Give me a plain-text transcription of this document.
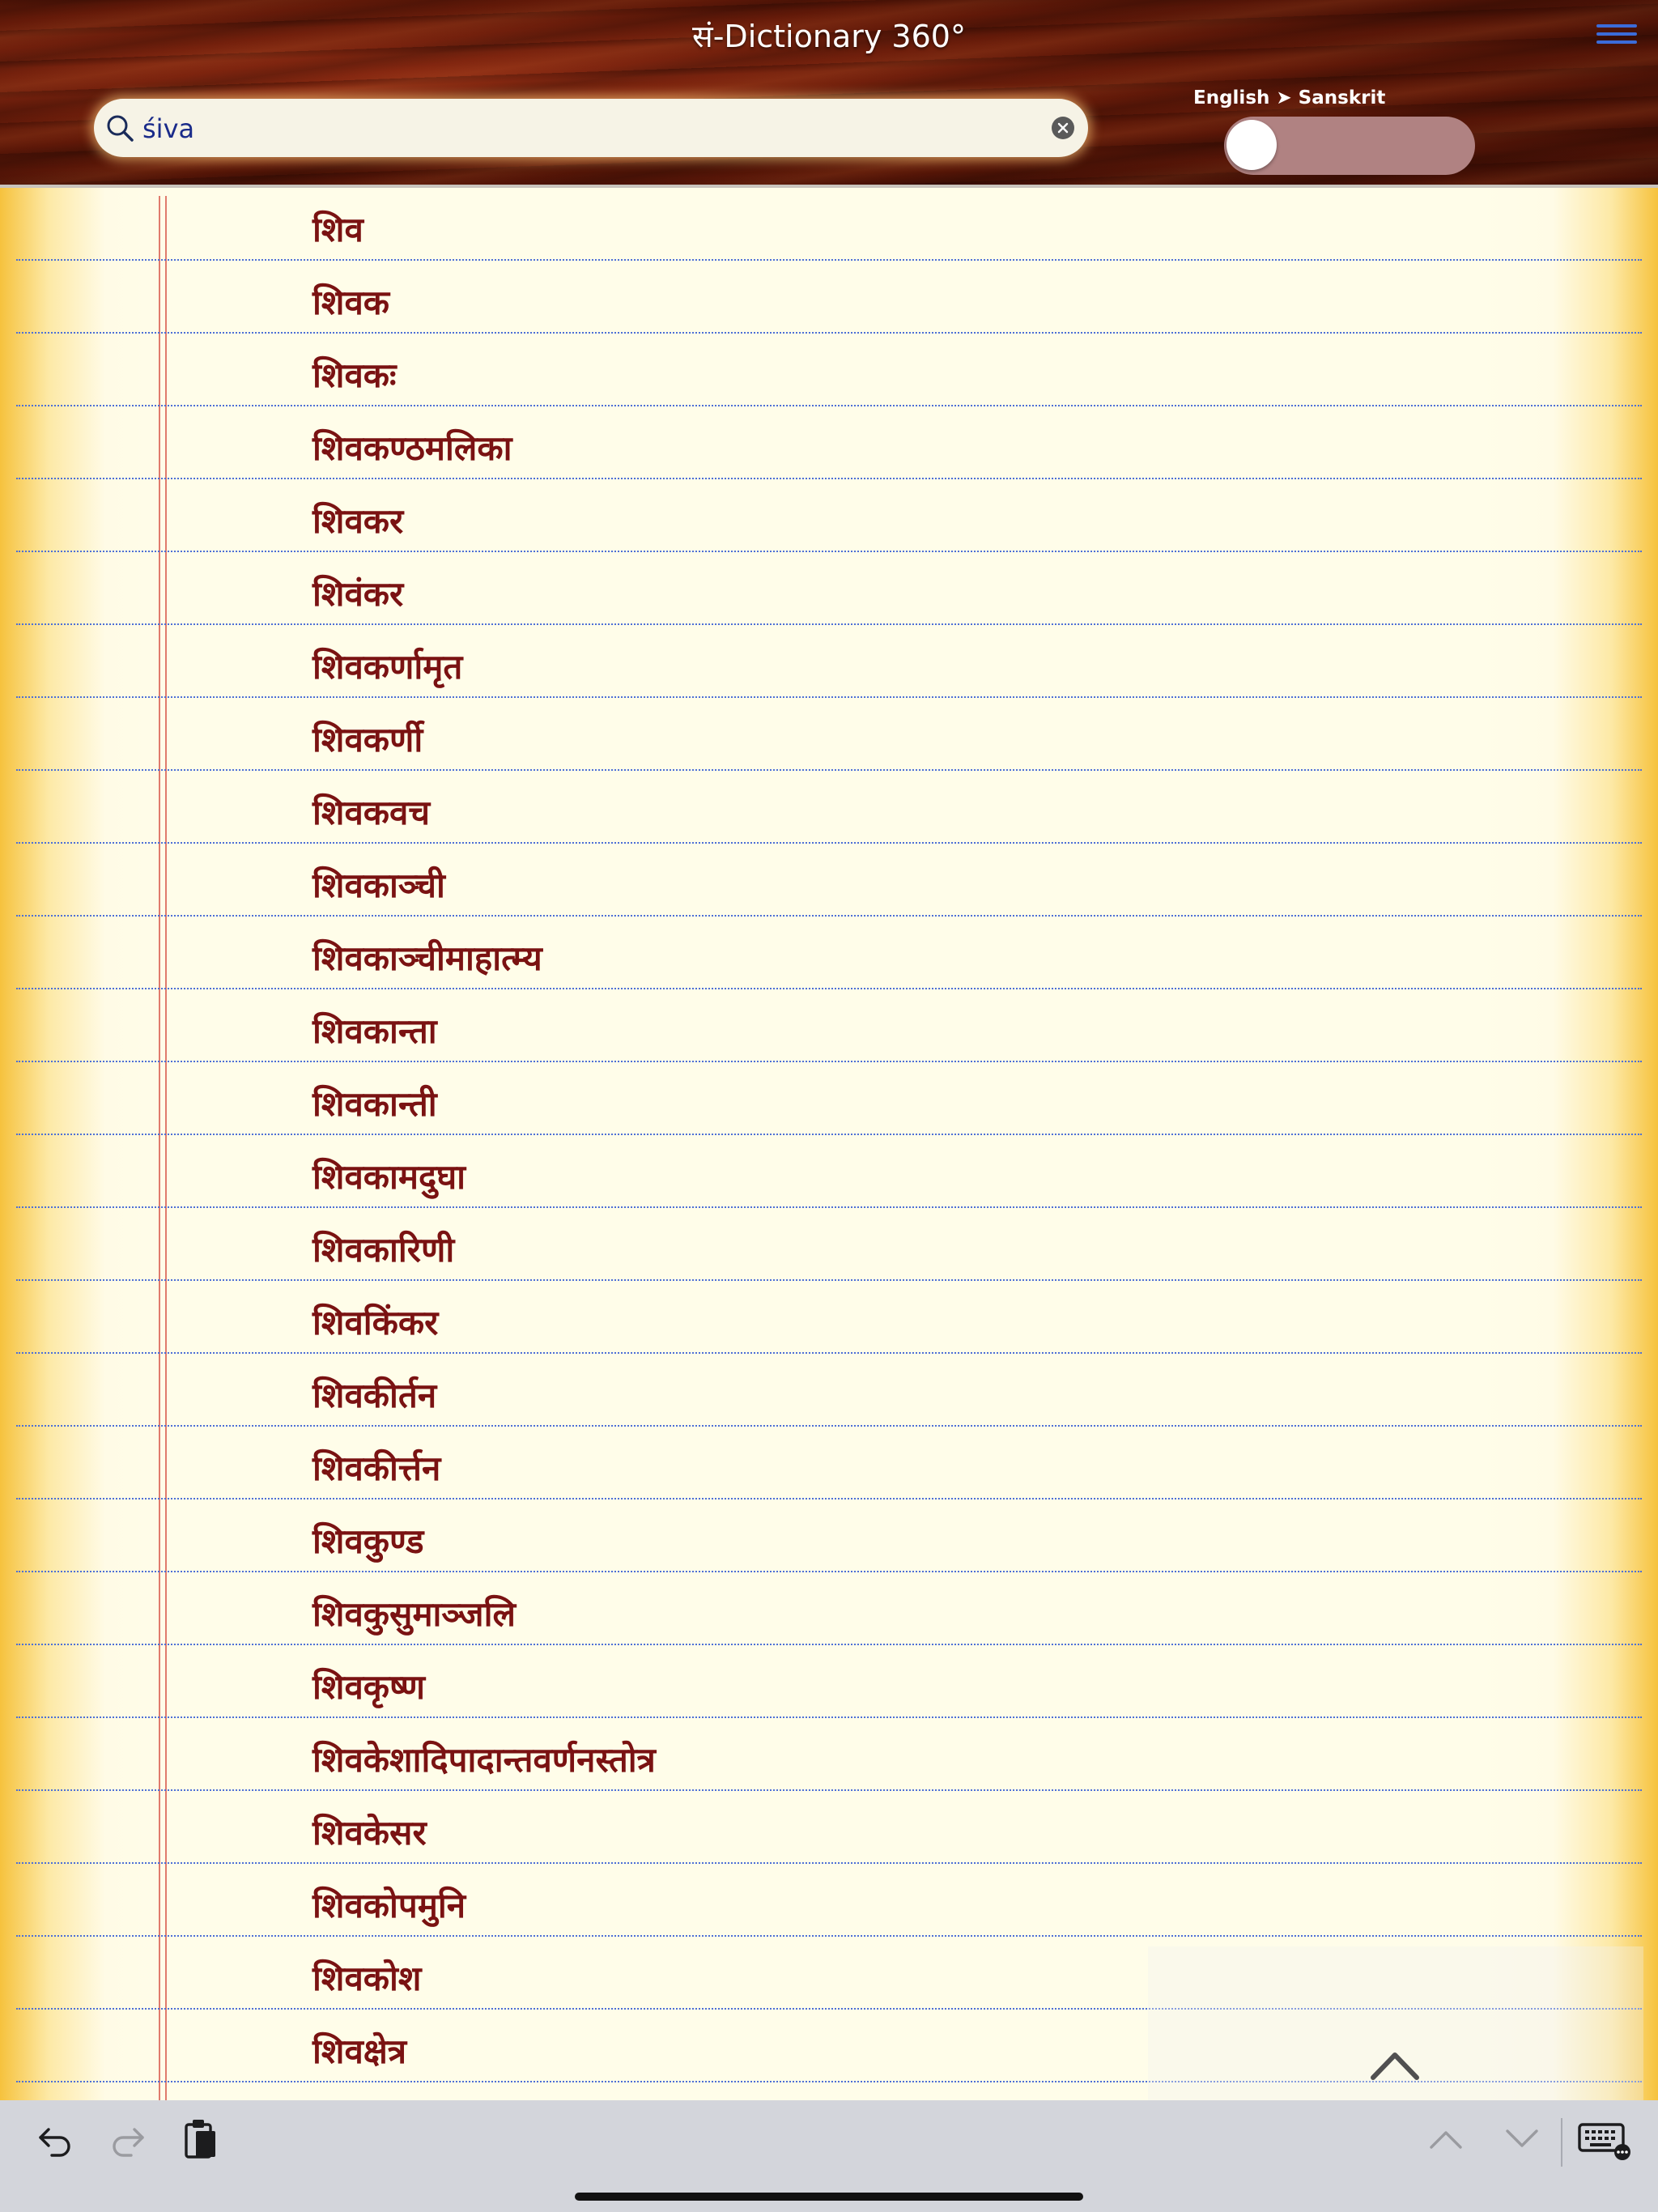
सं-Dictionary 360°
śiva
English ➤ Sanskrit
शिव
शिवक
शिवकः
शिवकण्ठमलिका
शिवकर
शिवंकर
शिवकर्णामृत
शिवकर्णी
शिवकवच
शिवकाञ्ची
शिवकाञ्चीमाहात्म्य
शिवकान्ता
शिवकान्ती
शिवकामदुघा
शिवकारिणी
शिवकिंकर
शिवकीर्तन
शिवकीर्त्तन
शिवकुण्ड
शिवकुसुमाञ्जलि
शिवकृष्ण
शिवकेशादिपादान्तवर्णनस्तोत्र
शिवकेसर
शिवकोपमुनि
शिवकोश
शिवक्षेत्र
